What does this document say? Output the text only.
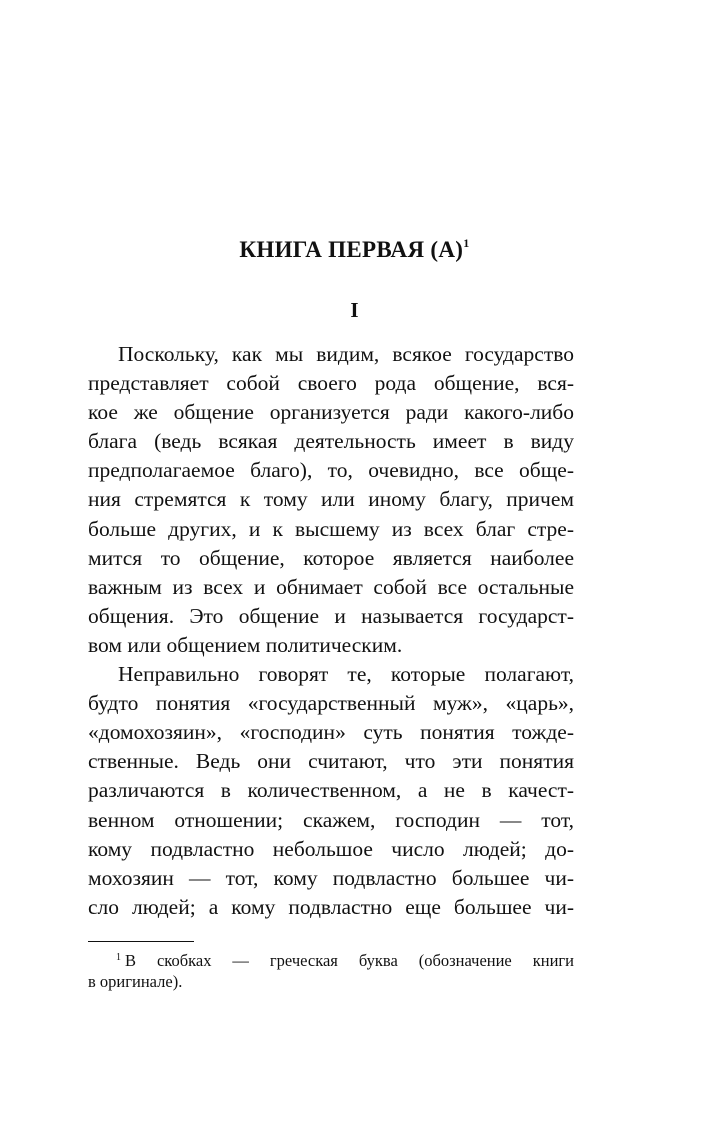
КНИГА ПЕРВАЯ $(А)^1$
I
Поскольку, как мы видим, всякое государство
представляет собой своего рода общение, вся-
кое же общение организуется ради какого-либо
блага (ведь всякая деятельность имеет в виду
предполагаемое благо), то, очевидно, все обще-
ния стремятся к тому или иному благу, причем
больше других, и к высшему из всех благ стре-
мится то общение, которое является наиболее
важным из всех и обнимает собой все остальные
общения. Это общение и называется государст-
вом или общением политическим.
Неправильно говорят те, которые полагают,
будто понятия «государственный муж», «царь»,
«домохозяин», «господин» суть понятия тожде-
ственные. Ведь они считают, что эти понятия
различаются в количественном, а не в качест-
венном отношении; скажем, господин — тот,
кому подвластно небольшое число людей; до-
мохозяин — тот, кому подвластно большее чи-
сло людей; а кому подвластно еще большее чи-
$^1$ В скобках — греческая буква (обозначение книги
в оригинале).
